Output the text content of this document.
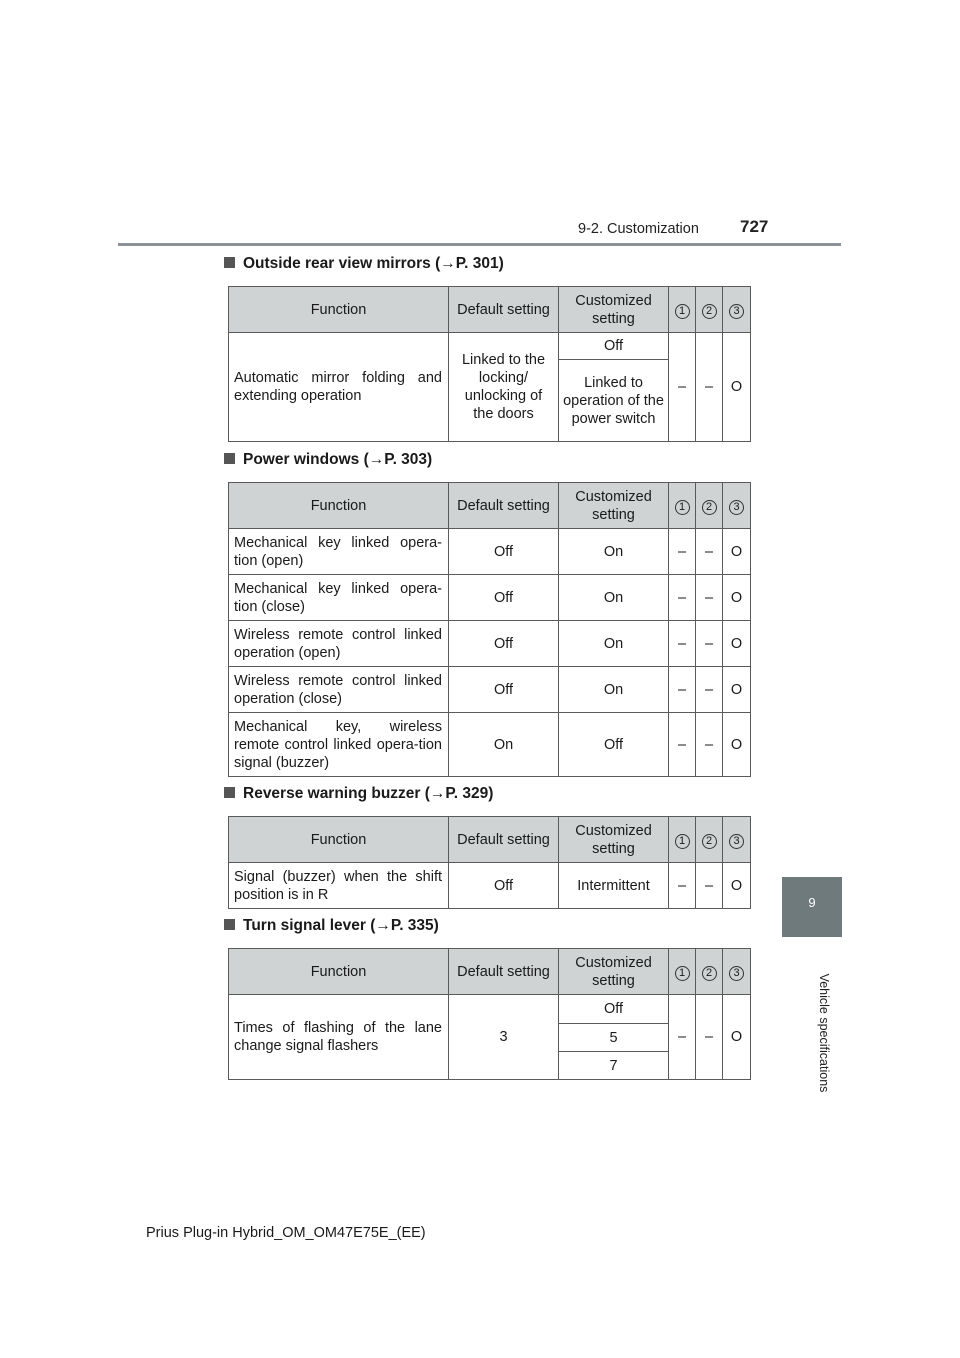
9-2. Customization 727
9
Vehicle specifications
Outside rear view mirrors (→P. 301)
Function	Default setting	Customized setting	1	2	3
Automatic mirror folding and extending operation	Linked to the locking/ unlocking of the doors	Off	–	–	O
		Linked to operation of the power switch			
Power windows (→P. 303)
Function	Default setting	Customized setting	1	2	3
Mechanical key linked opera-tion (open)	Off	On	–	–	O
Mechanical key linked opera-tion (close)	Off	On	–	–	O
Wireless remote control linked operation (open)	Off	On	–	–	O
Wireless remote control linked operation (close)	Off	On	–	–	O
Mechanical key, wireless remote control linked opera-tion signal (buzzer)	On	Off	–	–	O
Reverse warning buzzer (→P. 329)
Function	Default setting	Customized setting	1	2	3
Signal (buzzer) when the shift position is in R	Off	Intermittent	–	–	O
Turn signal lever (→P. 335)
Function	Default setting	Customized setting	1	2	3
Times of flashing of the lane change signal flashers	3	Off	–	–	O
		5			
		7			
Prius Plug-in Hybrid_OM_OM47E75E_(EE)
